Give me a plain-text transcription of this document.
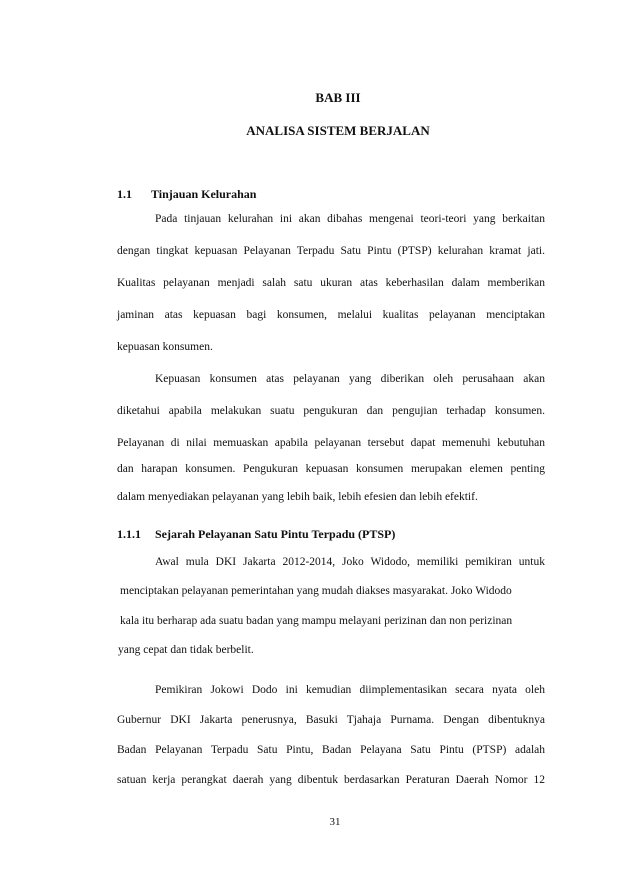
BAB III
ANALISA SISTEM BERJALAN
1.1 Tinjauan Kelurahan
Pada tinjauan kelurahan ini akan dibahas mengenai teori-teori yang berkaitan
dengan tingkat kepuasan Pelayanan Terpadu Satu Pintu (PTSP) kelurahan kramat jati.
Kualitas pelayanan menjadi salah satu ukuran atas keberhasilan dalam memberikan
jaminan atas kepuasan bagi konsumen, melalui kualitas pelayanan menciptakan
kepuasan konsumen.
Kepuasan konsumen atas pelayanan yang diberikan oleh perusahaan akan
diketahui apabila melakukan suatu pengukuran dan pengujian terhadap konsumen.
Pelayanan di nilai memuaskan apabila pelayanan tersebut dapat memenuhi kebutuhan
dan harapan konsumen. Pengukuran kepuasan konsumen merupakan elemen penting
dalam menyediakan pelayanan yang lebih baik, lebih efesien dan lebih efektif.
1.1.1 Sejarah Pelayanan Satu Pintu Terpadu (PTSP)
Awal mula DKI Jakarta 2012-2014, Joko Widodo, memiliki pemikiran untuk
menciptakan pelayanan pemerintahan yang mudah diakses masyarakat. Joko Widodo
kala itu berharap ada suatu badan yang mampu melayani perizinan dan non perizinan
yang cepat dan tidak berbelit.
Pemikiran Jokowi Dodo ini kemudian diimplementasikan secara nyata oleh
Gubernur DKI Jakarta penerusnya, Basuki Tjahaja Purnama. Dengan dibentuknya
Badan Pelayanan Terpadu Satu Pintu, Badan Pelayana Satu Pintu (PTSP) adalah
satuan kerja perangkat daerah yang dibentuk berdasarkan Peraturan Daerah Nomor 12
31
